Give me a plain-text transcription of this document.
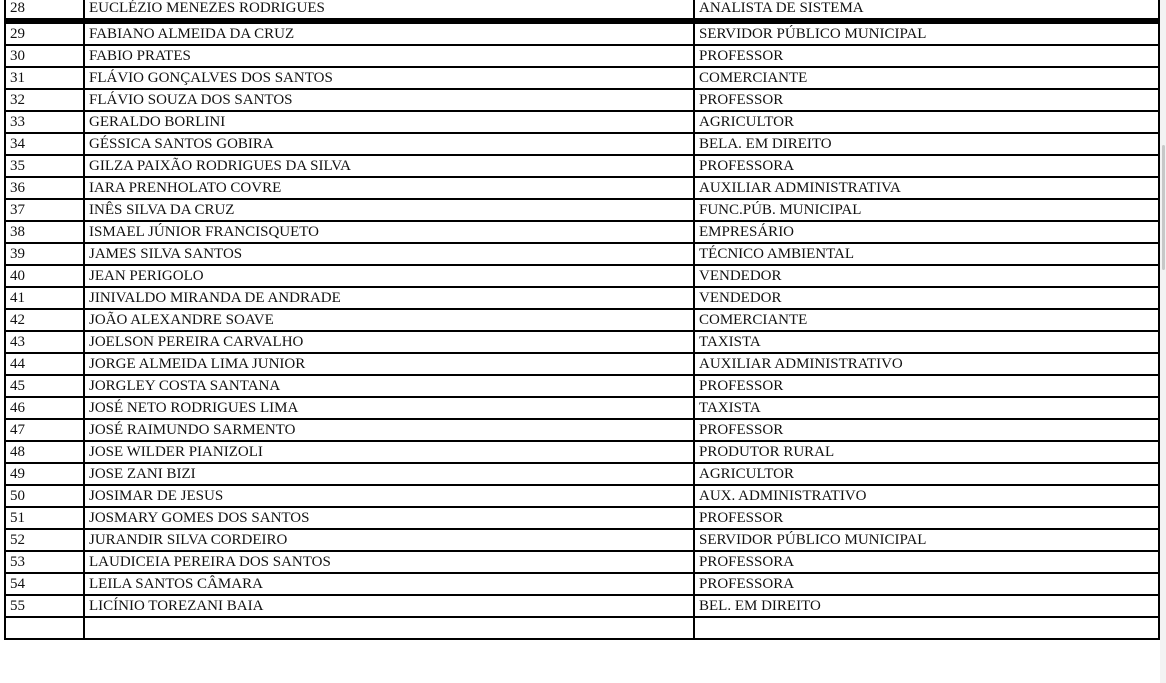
28	EUCLÉZIO MENEZES RODRIGUES	ANALISTA DE SISTEMA
29	FABIANO ALMEIDA DA CRUZ	SERVIDOR PÚBLICO MUNICIPAL
30	FABIO PRATES	PROFESSOR
31	FLÁVIO GONÇALVES DOS SANTOS	COMERCIANTE
32	FLÁVIO SOUZA DOS SANTOS	PROFESSOR
33	GERALDO BORLINI	AGRICULTOR
34	GÉSSICA SANTOS GOBIRA	BELA. EM DIREITO
35	GILZA PAIXÃO RODRIGUES DA SILVA	PROFESSORA
36	IARA PRENHOLATO COVRE	AUXILIAR ADMINISTRATIVA
37	INÊS SILVA DA CRUZ	FUNC.PÚB. MUNICIPAL
38	ISMAEL JÚNIOR FRANCISQUETO	EMPRESÁRIO
39	JAMES SILVA SANTOS	TÉCNICO AMBIENTAL
40	JEAN PERIGOLO	VENDEDOR
41	JINIVALDO MIRANDA DE ANDRADE	VENDEDOR
42	JOÃO ALEXANDRE SOAVE	COMERCIANTE
43	JOELSON PEREIRA CARVALHO	TAXISTA
44	JORGE ALMEIDA LIMA JUNIOR	AUXILIAR ADMINISTRATIVO
45	JORGLEY COSTA SANTANA	PROFESSOR
46	JOSÉ NETO RODRIGUES LIMA	TAXISTA
47	JOSÉ RAIMUNDO SARMENTO	PROFESSOR
48	JOSE WILDER PIANIZOLI	PRODUTOR RURAL
49	JOSE ZANI BIZI	AGRICULTOR
50	JOSIMAR DE JESUS	AUX. ADMINISTRATIVO
51	JOSMARY GOMES DOS SANTOS	PROFESSOR
52	JURANDIR SILVA CORDEIRO	SERVIDOR PÚBLICO MUNICIPAL
53	LAUDICEIA PEREIRA DOS SANTOS	PROFESSORA
54	LEILA SANTOS CÂMARA	PROFESSORA
55	LICÍNIO TOREZANI BAIA	BEL. EM DIREITO
